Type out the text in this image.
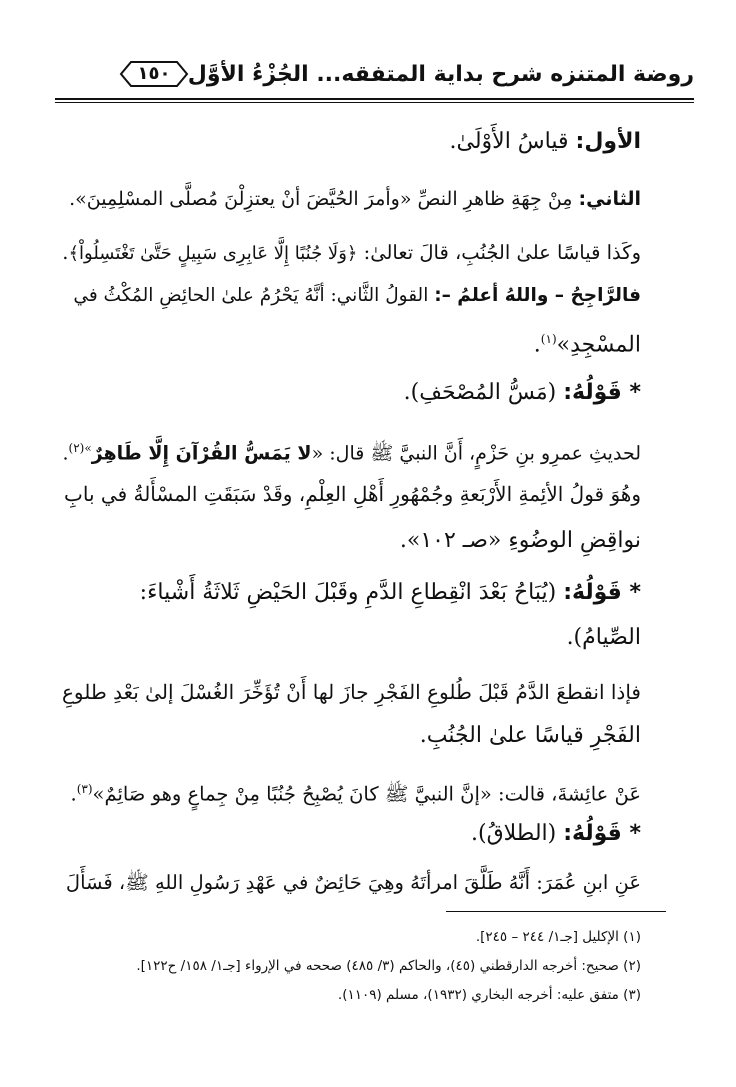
روضة المتنزه شرح بداية المتفقه... الجُزْءُ الأوَّل
١٥٠

الأول: قياسُ الأَوْلَىٰ.

الثاني: مِنْ جِهَةِ ظاهرِ النصِّ «وأمرَ الحُيَّضَ أنْ يعتزِلْنَ مُصلَّى المسْلِمِينَ».

وكَذا قياسًا علىٰ الجُنُبِ، قالَ تعالىٰ: ﴿وَلَا جُنُبًا إِلَّا عَابِرِى سَبِيلٍ حَتَّىٰ تَغْتَسِلُواْ﴾.

فالرَّاجِحُ – واللهُ أعلمُ –: القولُ الثَّاني: أنَّهُ يَحْرُمُ علىٰ الحائِضِ المُكْثُ في

المسْجِدِ»$^{(١)}$.

* قَوْلُهُ: (مَسُّ المُصْحَفِ).

لحديثِ عمرِو بنِ حَزْمٍ، أَنَّ النبيَّ ﷺ قال: «لا يَمَسُّ القُرْآنَ إِلَّا طَاهِرٌ$^{»(٢)}$.

وهُوَ قولُ الأئِمةِ الأَرْبَعةِ وجُمْهُورِ أَهْلِ العِلْمِ، وقَدْ سَبَقَتِ المسْأَلةُ في بابِ

نواقِضِ الوضُوءِ «صـ ١٠٢».

* قَوْلُهُ: (يُبَاحُ بَعْدَ انْقِطاعِ الدَّمِ وقَبْلَ الحَيْضِ ثَلاثَةُ أَشْياءَ:

الصِّيامُ).

فإذا انقطعَ الدَّمُ قَبْلَ طُلوعِ الفَجْرِ جازَ لها أَنْ تُؤَخِّرَ الغُسْلَ إلىٰ بَعْدِ طلوعِ

الفَجْرِ قياسًا علىٰ الجُنُبِ.

عَنْ عائِشةَ، قالت: «إنَّ النبيَّ ﷺ كانَ يُصْبِحُ جُنُبًا مِنْ جِماعٍ وهو صَائِمٌ»$^{(٣)}$.

* قَوْلُهُ: (الطلاقُ).

عَنِ ابنِ عُمَرَ: أَنَّهُ طَلَّقَ امرأتَهُ وهِيَ حَائِضٌ في عَهْدِ رَسُولِ اللهِ ﷺ، فَسَأَلَ

(١) الإكليل [جـ١/ ٢٤٤ – ٢٤٥].

(٢) صحيح: أخرجه الدارقطني (٤٥)، والحاكم (٣/ ٤٨٥) صححه في الإرواء [جـ١/ ١٥٨/ ح١٢٢].

(٣) متفق عليه: أخرجه البخاري (١٩٣٢)، مسلم (١١٠٩).
